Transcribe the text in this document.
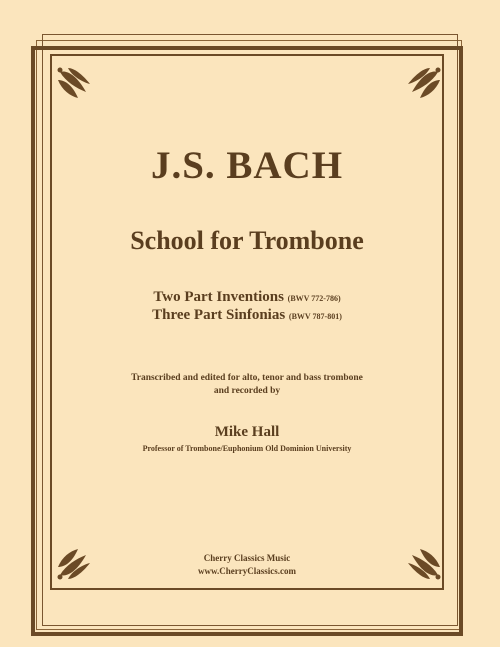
J.S. BACH
School for Trombone
Two Part Inventions (BWV 772-786)
Three Part Sinfonias (BWV 787-801)
Transcribed and edited for alto, tenor and bass trombone
and recorded by
Mike Hall
Professor of Trombone/Euphonium Old Dominion University
Cherry Classics Music
www.CherryClassics.com
